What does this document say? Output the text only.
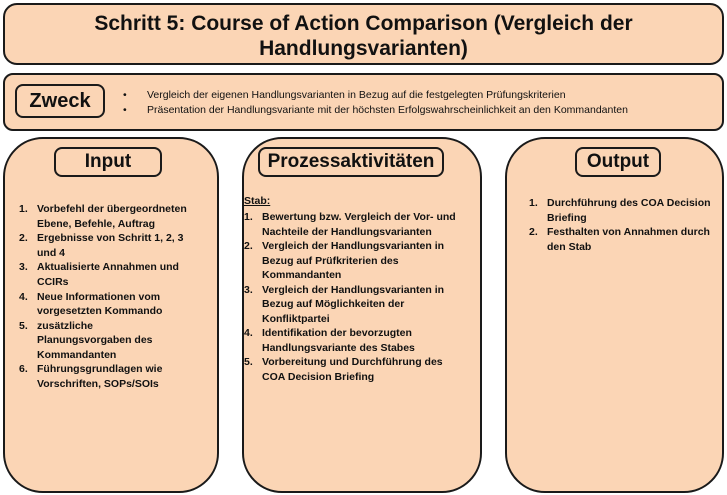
Schritt 5: Course of Action Comparison (Vergleich der Handlungsvarianten)
Zweck
•	Vergleich der eigenen Handlungsvarianten in Bezug auf die festgelegten Prüfungskriterien
• Präsentation der Handlungsvariante mit der höchsten Erfolgswahrscheinlichkeit an den Kommandanten
Input
1. Vorbefehl der übergeordneten Ebene, Befehle, Auftrag
2. Ergebnisse von Schritt 1, 2, 3 und 4
3. Aktualisierte Annahmen und CCIRs
4. Neue Informationen vom vorgesetzten Kommando
5. zusätzliche Planungsvorgaben des Kommandanten
6. Führungsgrundlagen wie Vorschriften, SOPs/SOIs
Prozessaktivitäten
Stab:
1. Bewertung bzw. Vergleich der Vor- und Nachteile der Handlungsvarianten
2. Vergleich der Handlungsvarianten in Bezug auf Prüfkriterien des Kommandanten
3. Vergleich der Handlungsvarianten in Bezug auf Möglichkeiten der Konfliktpartei
4. Identifikation der bevorzugten Handlungsvariante des Stabes
5. Vorbereitung und Durchführung des COA Decision Briefing
Output
1. Durchführung des COA Decision Briefing
2. Festhalten von Annahmen durch den Stab
